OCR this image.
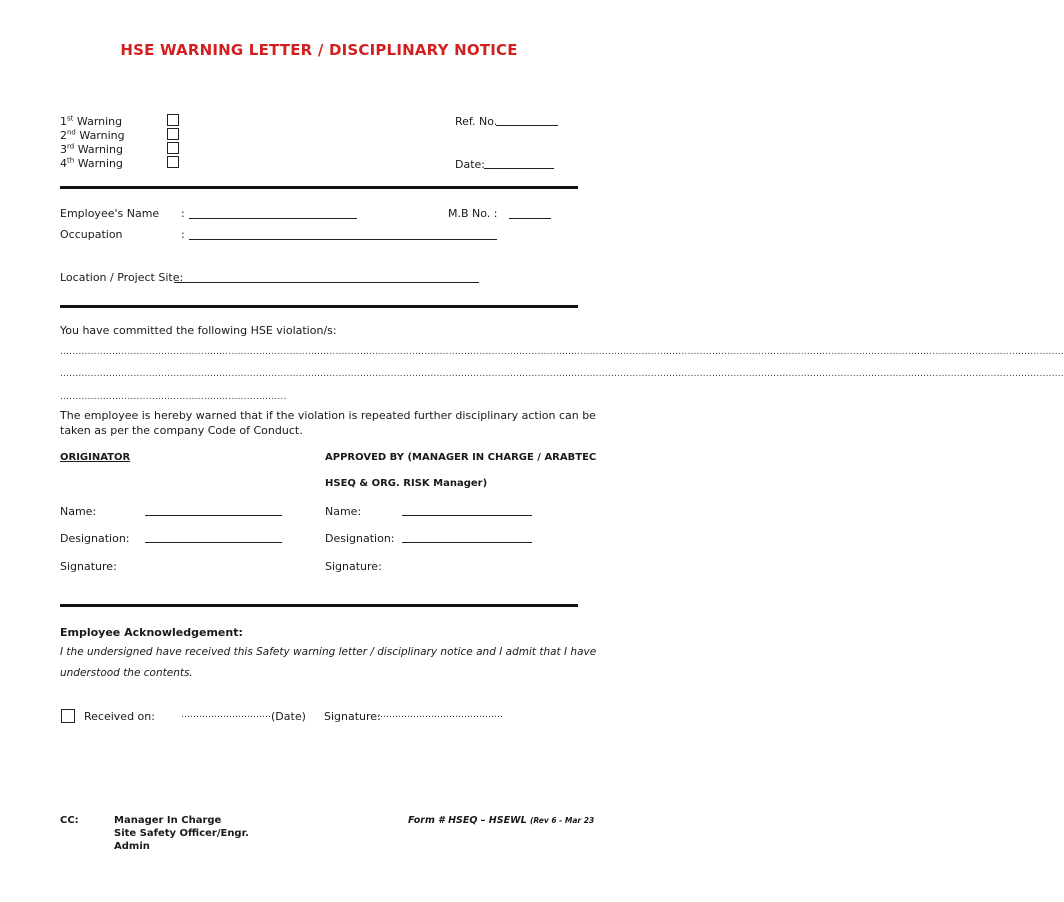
HSE WARNING LETTER / DISCIPLINARY NOTICE
1st Warning
2nd Warning
3rd Warning
4th Warning
Ref. No.
Date:
Employee's Name :	M.B No. :
Occupation	:
Location / Project Site:
You have committed the following HSE violation/s:
........................................................................................................................................................................................................................................................................................................................................
........................................................................................................................................................................................................................................................................................................................................
..........................................................................
The employee is hereby warned that if the violation is repeated further disciplinary action can be
taken as per the company Code of Conduct.
ORIGINATOR	APPROVED BY (MANAGER IN CHARGE / ARABTEC
HSEQ & ORG. RISK Manager)
Name:	Name:
Designation:	Designation:
Signature:	Signature:
Employee Acknowledgement:
I the undersigned have received this Safety warning letter / disciplinary notice and I admit that I have
understood the contents.
Received on:	………………………… (Date) Signature:
……………………………………
CC:	Manager In Charge
Site Safety Officer/Engr.
Admin
Form # HSEQ – HSEWL (Rev 6 - Mar 23
